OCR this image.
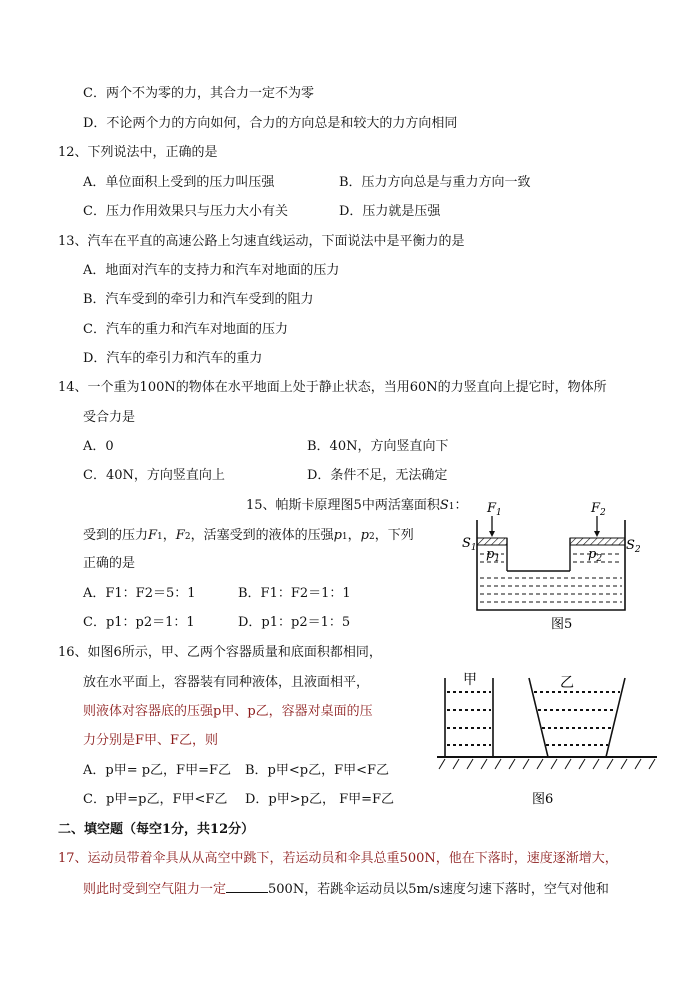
C．两个不为零的力，其合力一定不为零
D．不论两个力的方向如何，合力的方向总是和较大的力方向相同
12、下列说法中，正确的是
A．单位面积上受到的压力叫压强	B．压力方向总是与重力方向一致
C．压力作用效果只与压力大小有关	D．压力就是压强
13、汽车在平直的高速公路上匀速直线运动，下面说法中是平衡力的是
A．地面对汽车的支持力和汽车对地面的压力
B．汽车受到的牵引力和汽车受到的阻力
C．汽车的重力和汽车对地面的压力
D．汽车的牵引力和汽车的重力
14、一个重为100N的物体在水平地面上处于静止状态，当用60N的力竖直向上提它时，物体所
受合力是
A．0	B．40N，方向竖直向下
C．40N，方向竖直向上	D．条件不足，无法确定
15、帕斯卡原理图5中两活塞面积S1：
受到的压力F1，F2，活塞受到的液体的压强p1，p2，下列
正确的是
A．F1：F2＝5：1	B．F1：F2＝1：1
C．p1：p2＝1：1	D．p1：p2＝1：5
$F_1$	$F_2$
$S_1$	$S_2$
$p_1$	$p_2$
图5
16、如图6所示，甲、乙两个容器质量和底面积都相同，
放在水平面上，容器装有同种液体，且液面相平，
则液体对容器底的压强p甲、p乙，容器对桌面的压
力分别是F甲、F乙，则
A．p甲= p乙，F甲=F乙 B．p甲<p乙，F甲<F乙
C．p甲=p乙，F甲<F乙 D．p甲>p乙， F甲=F乙
甲	乙
图6
二、填空题（每空1分，共12分）
17、运动员带着伞具从从高空中跳下，若运动员和伞具总重500N，他在下落时，速度逐渐增大，
则此时受到空气阻力一定	500N，若跳伞运动员以5m/s速度匀速下落时，空气对他和
